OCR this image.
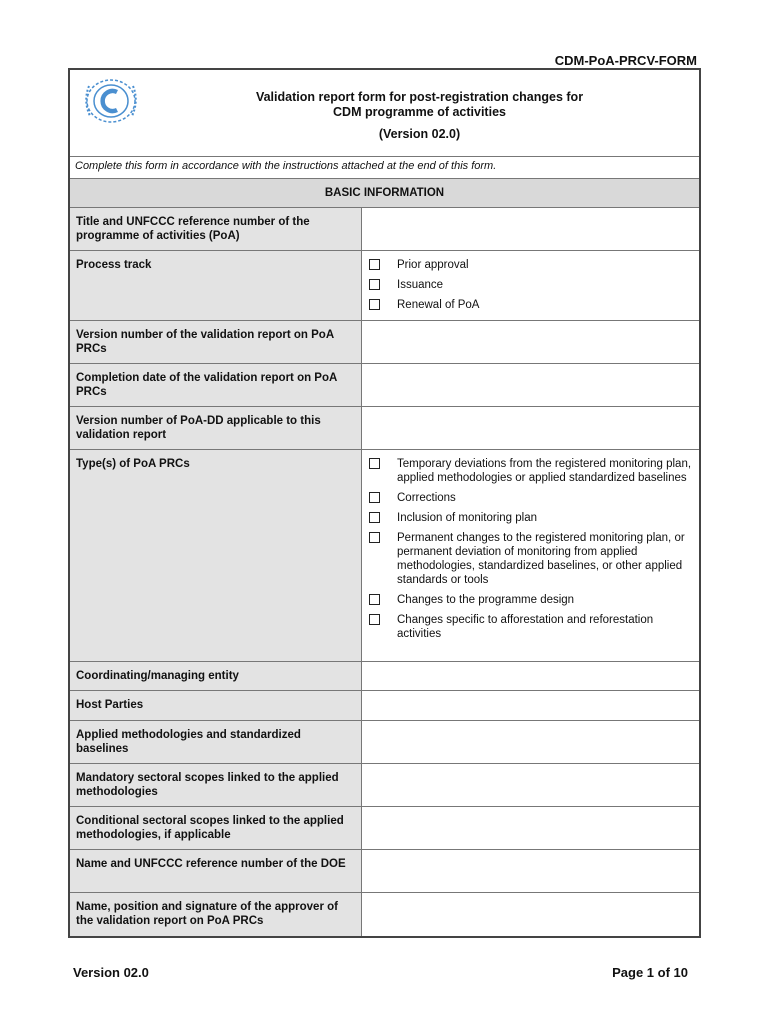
CDM-PoA-PRCV-FORM
Validation report form for post-registration changes for
CDM programme of activities
(Version 02.0)
Complete this form in accordance with the instructions attached at the end of this form.
BASIC INFORMATION
Title and UNFCCC reference number of the programme of activities (PoA)
Process track	Prior approval
Issuance
Renewal of PoA
Version number of the validation report on PoA PRCs
Completion date of the validation report on PoA PRCs
Version number of PoA-DD applicable to this validation report
Type(s) of PoA PRCs	Temporary deviations from the registered monitoring plan, applied methodologies or applied standardized baselines
Corrections
Inclusion of monitoring plan
Permanent changes to the registered monitoring plan, or permanent deviation of monitoring from applied methodologies, standardized baselines, or other applied standards or tools
Changes to the programme design
Changes specific to afforestation and reforestation activities
Coordinating/managing entity
Host Parties
Applied methodologies and standardized baselines
Mandatory sectoral scopes linked to the applied methodologies
Conditional sectoral scopes linked to the applied methodologies, if applicable
Name and UNFCCC reference number of the DOE
Name, position and signature of the approver of the validation report on PoA PRCs
Version 02.0	Page 1 of 10
